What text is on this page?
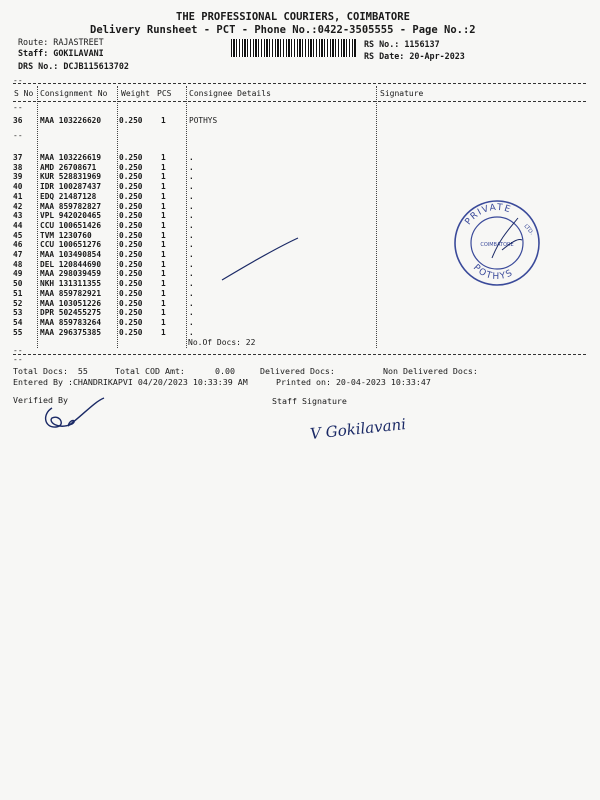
THE PROFESSIONAL COURIERS, COIMBATORE
Delivery Runsheet - PCT - Phone No.:0422-3505555 - Page No.:2
Route: RAJASTREET
Staff: GOKILAVANI
DRS No.: DCJB115613702
RS No.: 1156137
RS Date: 20-Apr-2023
--
S No Consignment No Weight PCS Consignee Details	Signature
--
36 MAA 103226620 0.250 1	POTHYS
--
37 MAA 103226619 0.250 1	.
38 AMD 26708671	0.250 1	.
39 KUR 528831969 0.250 1	.
40 IDR 100287437 0.250 1	.
41 EDQ 21487128	0.250 1	.
42 MAA 859782827 0.250 1	.
43 VPL 942020465 0.250 1	.
44 CCU 100651426 0.250 1	.
45 TVM 1230760	0.250 1	.
46 CCU 100651276 0.250 1	.
47 MAA 103490854 0.250 1	.
48 DEL 120844690 0.250 1	.
49 MAA 298039459 0.250 1	.
50 NKH 131311355 0.250 1	.
51 MAA 859782921 0.250 1	.
52 MAA 103051226 0.250 1	.
53 DPR 502455275 0.250 1	.
54 MAA 859783264 0.250 1	.
55 MAA 296375385 0.250 1	.
No.Of Docs: 22
--
--
Total Docs:  55	Total COD Amt:	0.00	Delivered Docs:	Non Delivered Docs:
Entered By :CHANDRIKAPVI 04/20/2023 10:33:39 AM	Printed on: 20-04-2023 10:33:47
Verified By	Staff Signature
V Gokilavani
PRIVATE
POTHYS
COIMBATORE
LTD.
